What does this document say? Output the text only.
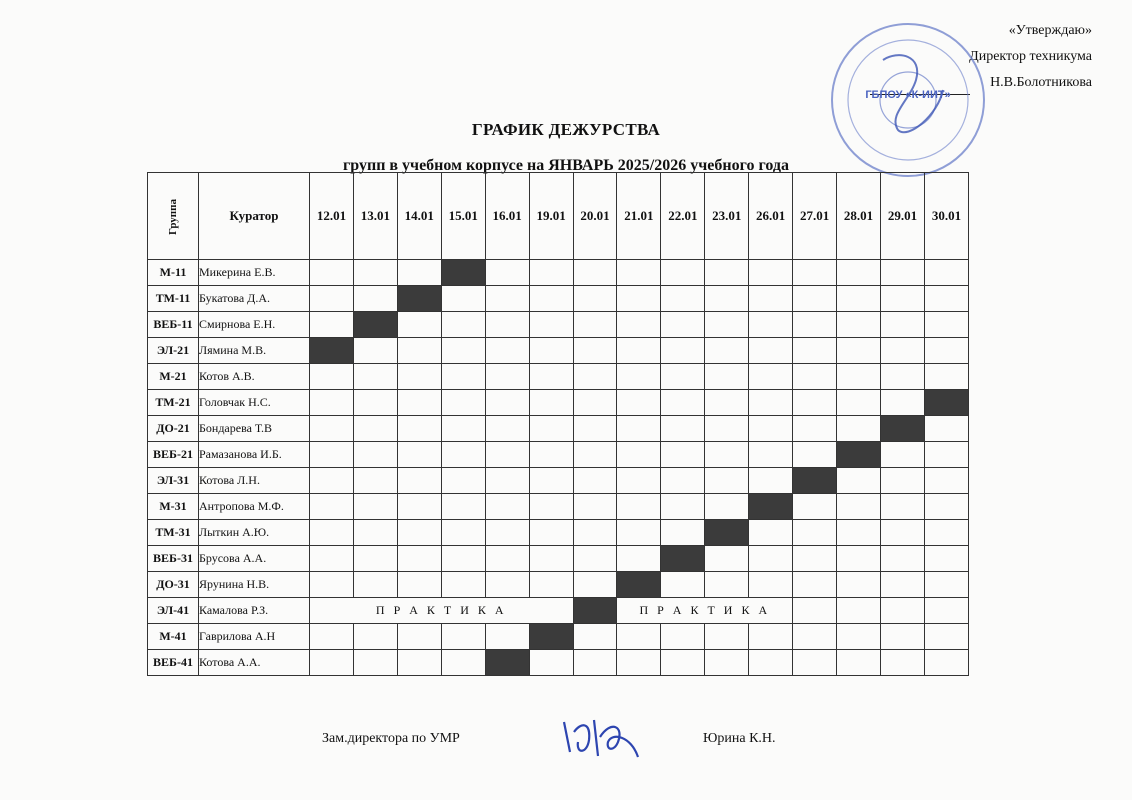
«Утверждаю»
Директор техникума
Н.В.Болотникова
ГБПОУ «К-ИИТ»
ГРАФИК ДЕЖУРСТВА
групп в учебном корпусе на ЯНВАРЬ 2025/2026 учебного года
Группа	Куратор	12.01	13.01	14.01	15.01	16.01	19.01	20.01	21.01	22.01	23.01	26.01	27.01	28.01	29.01	30.01
М-11	Микерина Е.В.															
ТМ-11	Букатова Д.А.															
ВЕБ-11	Смирнова Е.Н.															
ЭЛ-21	Лямина М.В.															
М-21	Котов А.В.															
ТМ-21	Головчак Н.С.															
ДО-21	Бондарева Т.В															
ВЕБ-21	Рамазанова И.Б.															
ЭЛ-31	Котова Л.Н.															
М-31	Антропова М.Ф.															
ТМ-31	Лыткин А.Ю.															
ВЕБ-31	Брусова А.А.															
ДО-31	Ярунина Н.В.															
ЭЛ-41	Камалова Р.З.	П Р А К Т И К А							П Р А К Т И К А							
М-41	Гаврилова А.Н															
ВЕБ-41	Котова А.А.															
Зам.директора по УМР	Юрина К.Н.
